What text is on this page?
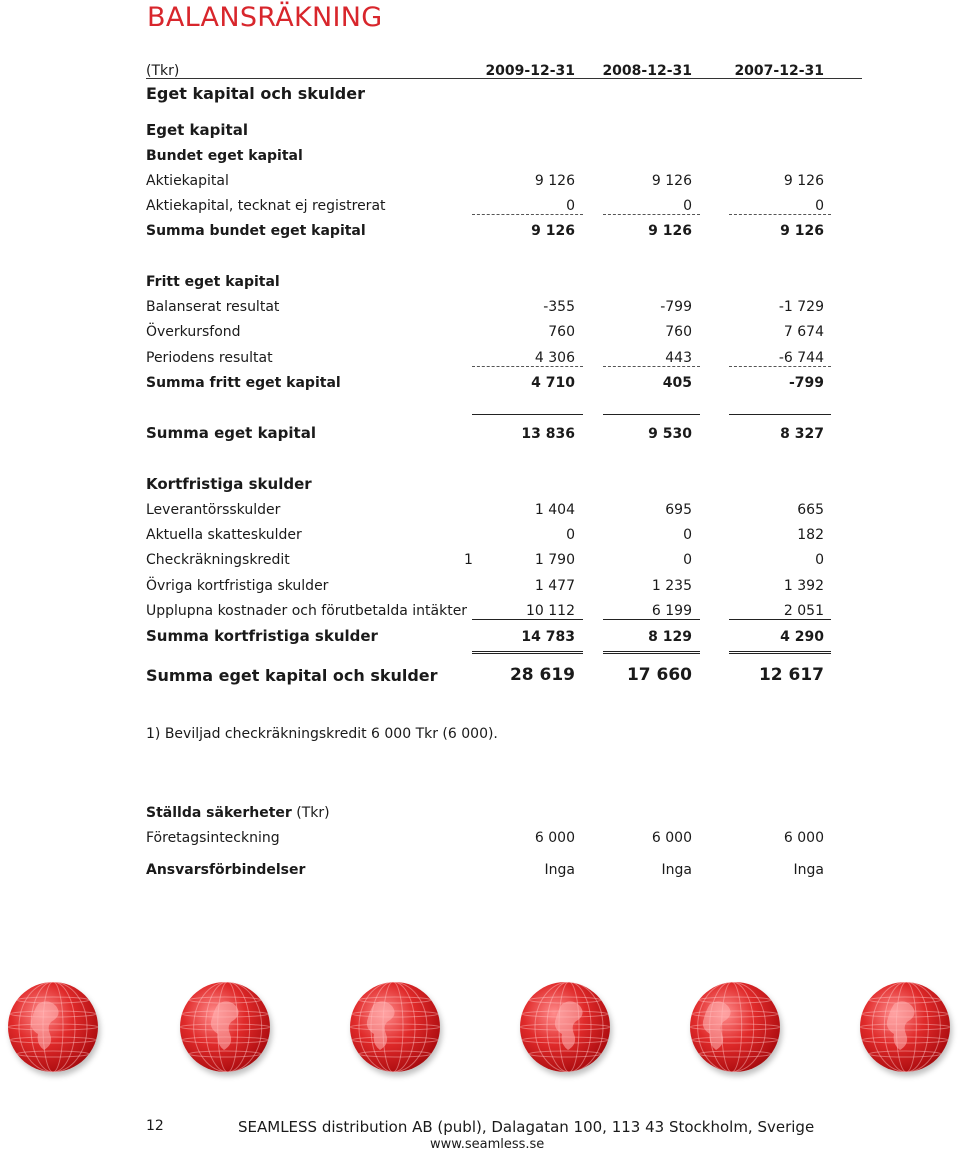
BALANSRÄKNING
(Tkr)	2009-12-31 2008-12-31	2007-12-31
Eget kapital och skulder
Eget kapital
Bundet eget kapital
Aktiekapital	9 126	9 126	9 126
Aktiekapital, tecknat ej registrerat	0	0	0
Summa bundet eget kapital	9 126	9 126	9 126
Fritt eget kapital
Balanserat resultat	-355	-799	-1 729
Överkursfond	760	760	7 674
Periodens resultat	4 306	443	-6 744
Summa fritt eget kapital	4 710	405	-799
Summa eget kapital	13 836	9 530	8 327
Kortfristiga skulder
Leverantörsskulder	1 404	695	665
Aktuella skatteskulder	0	0	182
Checkräkningskredit	1	1 790	0	0
Övriga kortfristiga skulder	1 477	1 235	1 392
Upplupna kostnader och förutbetalda intäkter	10 112	6 199	2 051
Summa kortfristiga skulder	14 783	8 129	4 290
Summa eget kapital och skulder	28 619	17 660	12 617
1) Beviljad checkräkningskredit 6 000 Tkr (6 000).
Ställda säkerheter (Tkr)
Företagsinteckning	6 000	6 000	6 000
Ansvarsförbindelser	Inga	Inga	Inga
12	SEAMLESS distribution AB (publ), Dalagatan 100, 113 43 Stockholm, Sverige
www.seamless.se
